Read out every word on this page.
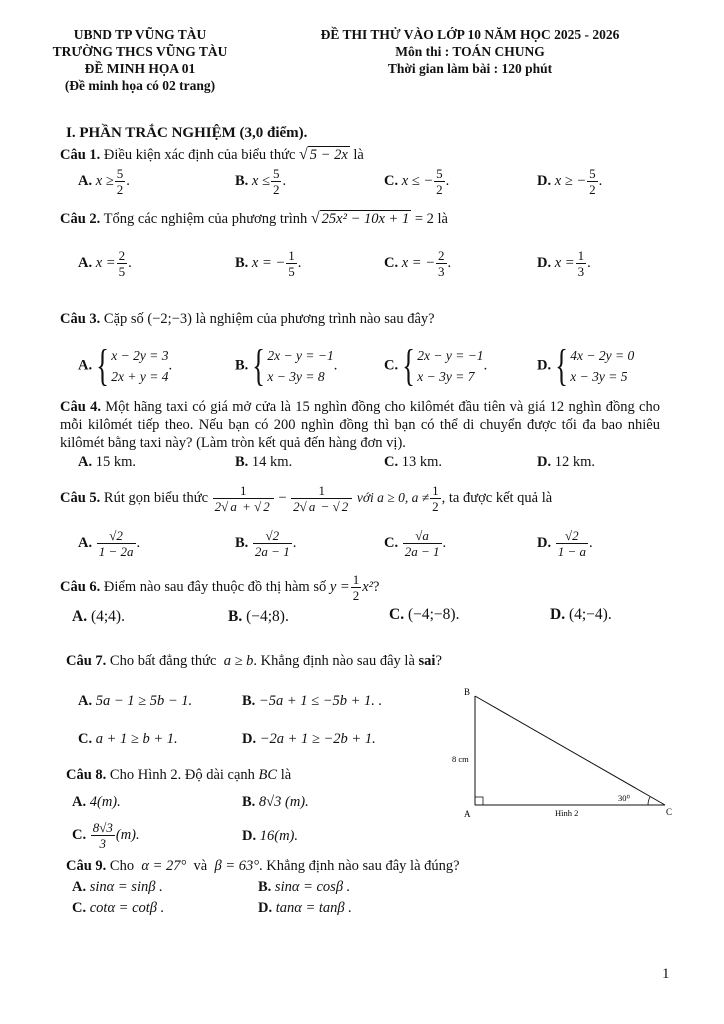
UBND TP VŨNG TÀU
TRƯỜNG THCS VŨNG TÀU
ĐỀ MINH HỌA 01
(Đề minh họa có 02 trang)
ĐỀ THI THỬ VÀO LỚP 10 NĂM HỌC 2025 - 2026
Môn thi : TOÁN CHUNG
Thời gian làm bài : 120 phút
I. PHẦN TRẮC NGHIỆM (3,0 điểm).
Câu 1. Điều kiện xác định của biểu thức √ 5 − 2x là
A. $x \ge \frac{5}{2}$ .	B. $x \le \frac{5}{2}$ .	C. x ≤ − $\frac{5}{2}$ .	D. x ≥ − $\frac{5}{2}$ .
Câu 2. Tổng các nghiệm của phương trình √ 25x² − 10x + 1 = 2 là
A. $x = \frac{2}{5}$ .	B. x = − $\frac{1}{5}$ .	C. x = − $\frac{2}{3}$ .	D. $x = \frac{1}{3}$ .
Câu 3. Cặp số (−2;−3) là nghiệm của phương trình nào sau đây?
A.{ x − 2y = 3
2x + y = 4
.	B.{ 2x − y = −1
x − 3y = 8
.	C.{ 2x − y = −1
x − 3y = 7
.	D.{ 4x − 2y = 0
x − 3y = 5
Câu 4. Một hãng taxi có giá mở cửa là 15 nghìn đồng cho kilômét đầu tiên và giá 12 nghìn đồng cho mỗi kilômét tiếp theo. Nếu bạn có 200 nghìn đồng thì bạn có thể di chuyển được tối đa bao nhiêu kilômét bằng taxi này? (Làm tròn kết quả đến hàng đơn vị).
A. 15 km.	B. 14 km.	C. 13 km.	D. 12 km.
Câu 5. Rút gọn biểu thức $\frac{1}{2√ a + √ 2} - \frac{1}{2√ a - √ 2}$ với a ≥ 0, $a \ne \frac{1}{2}$ , ta được kết quả là
A. $\frac{√2}{1 - 2a}$ .	B. $\frac{√2}{2a - 1}$ .	C. $\frac{√a}{2a - 1}$ .	D. $\frac{√2}{1 - a}$ .
Câu 6. Điểm nào sau đây thuộc đồ thị hàm số $y = \frac{1}{2} x^2$?
A. (4;4).	B. (−4;8).	C. (−4;−8).	D. (4;−4).
Câu 7. Cho bất đẳng thức a ≥ b. Khẳng định nào sau đây là sai?
A. 5a − 1 ≥ 5b − 1.	B. −5a + 1 ≤ −5b + 1. .
C. a + 1 ≥ b + 1.	D. −2a + 1 ≥ −2b + 1.
Câu 8. Cho Hình 2. Độ dài cạnh BC là
A. 4(m).	B. 8√3 (m).
C. $\frac{8√3}{3} (m)$.	D. 16(m).
Câu 9. Cho α = 27° và β = 63°. Khẳng định nào sau đây là đúng?
A. sinα = sinβ .	B. sinα = cosβ .
C. cotα = cotβ .	D. tanα = tanβ .
B
A	C
8 cm
30⁰
Hình 2
1
